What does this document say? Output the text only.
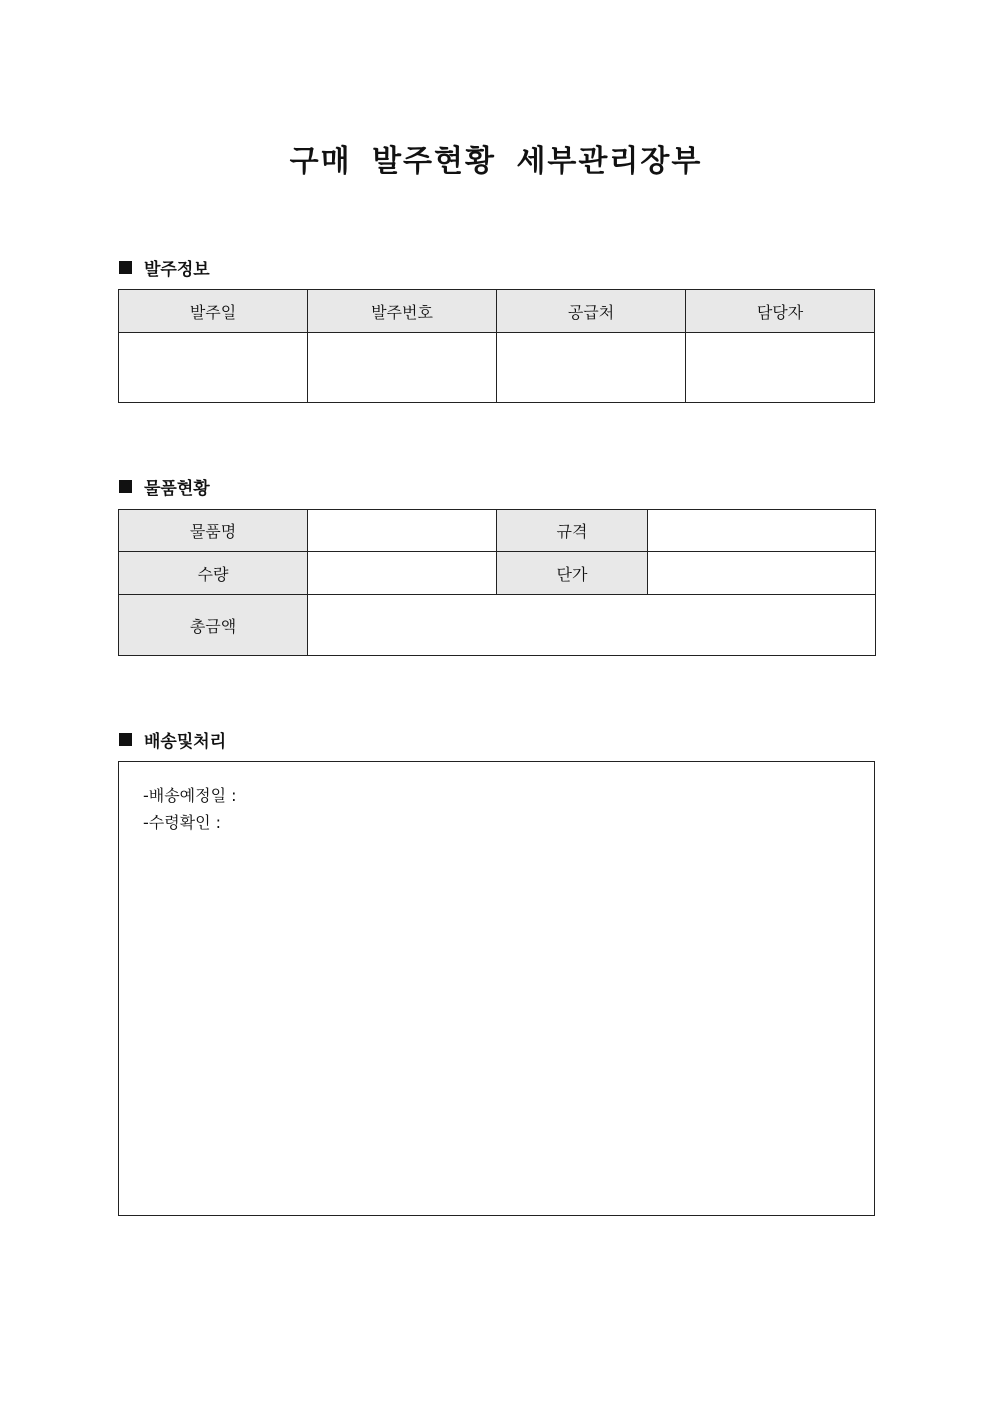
구매 발주현황 세부관리장부
발주정보
발주일	발주번호	공급처	담당자

물품현황
물품명		규격	
수량		단가	
총금액			
배송및처리
-배송예정일 :
-수령확인 :
